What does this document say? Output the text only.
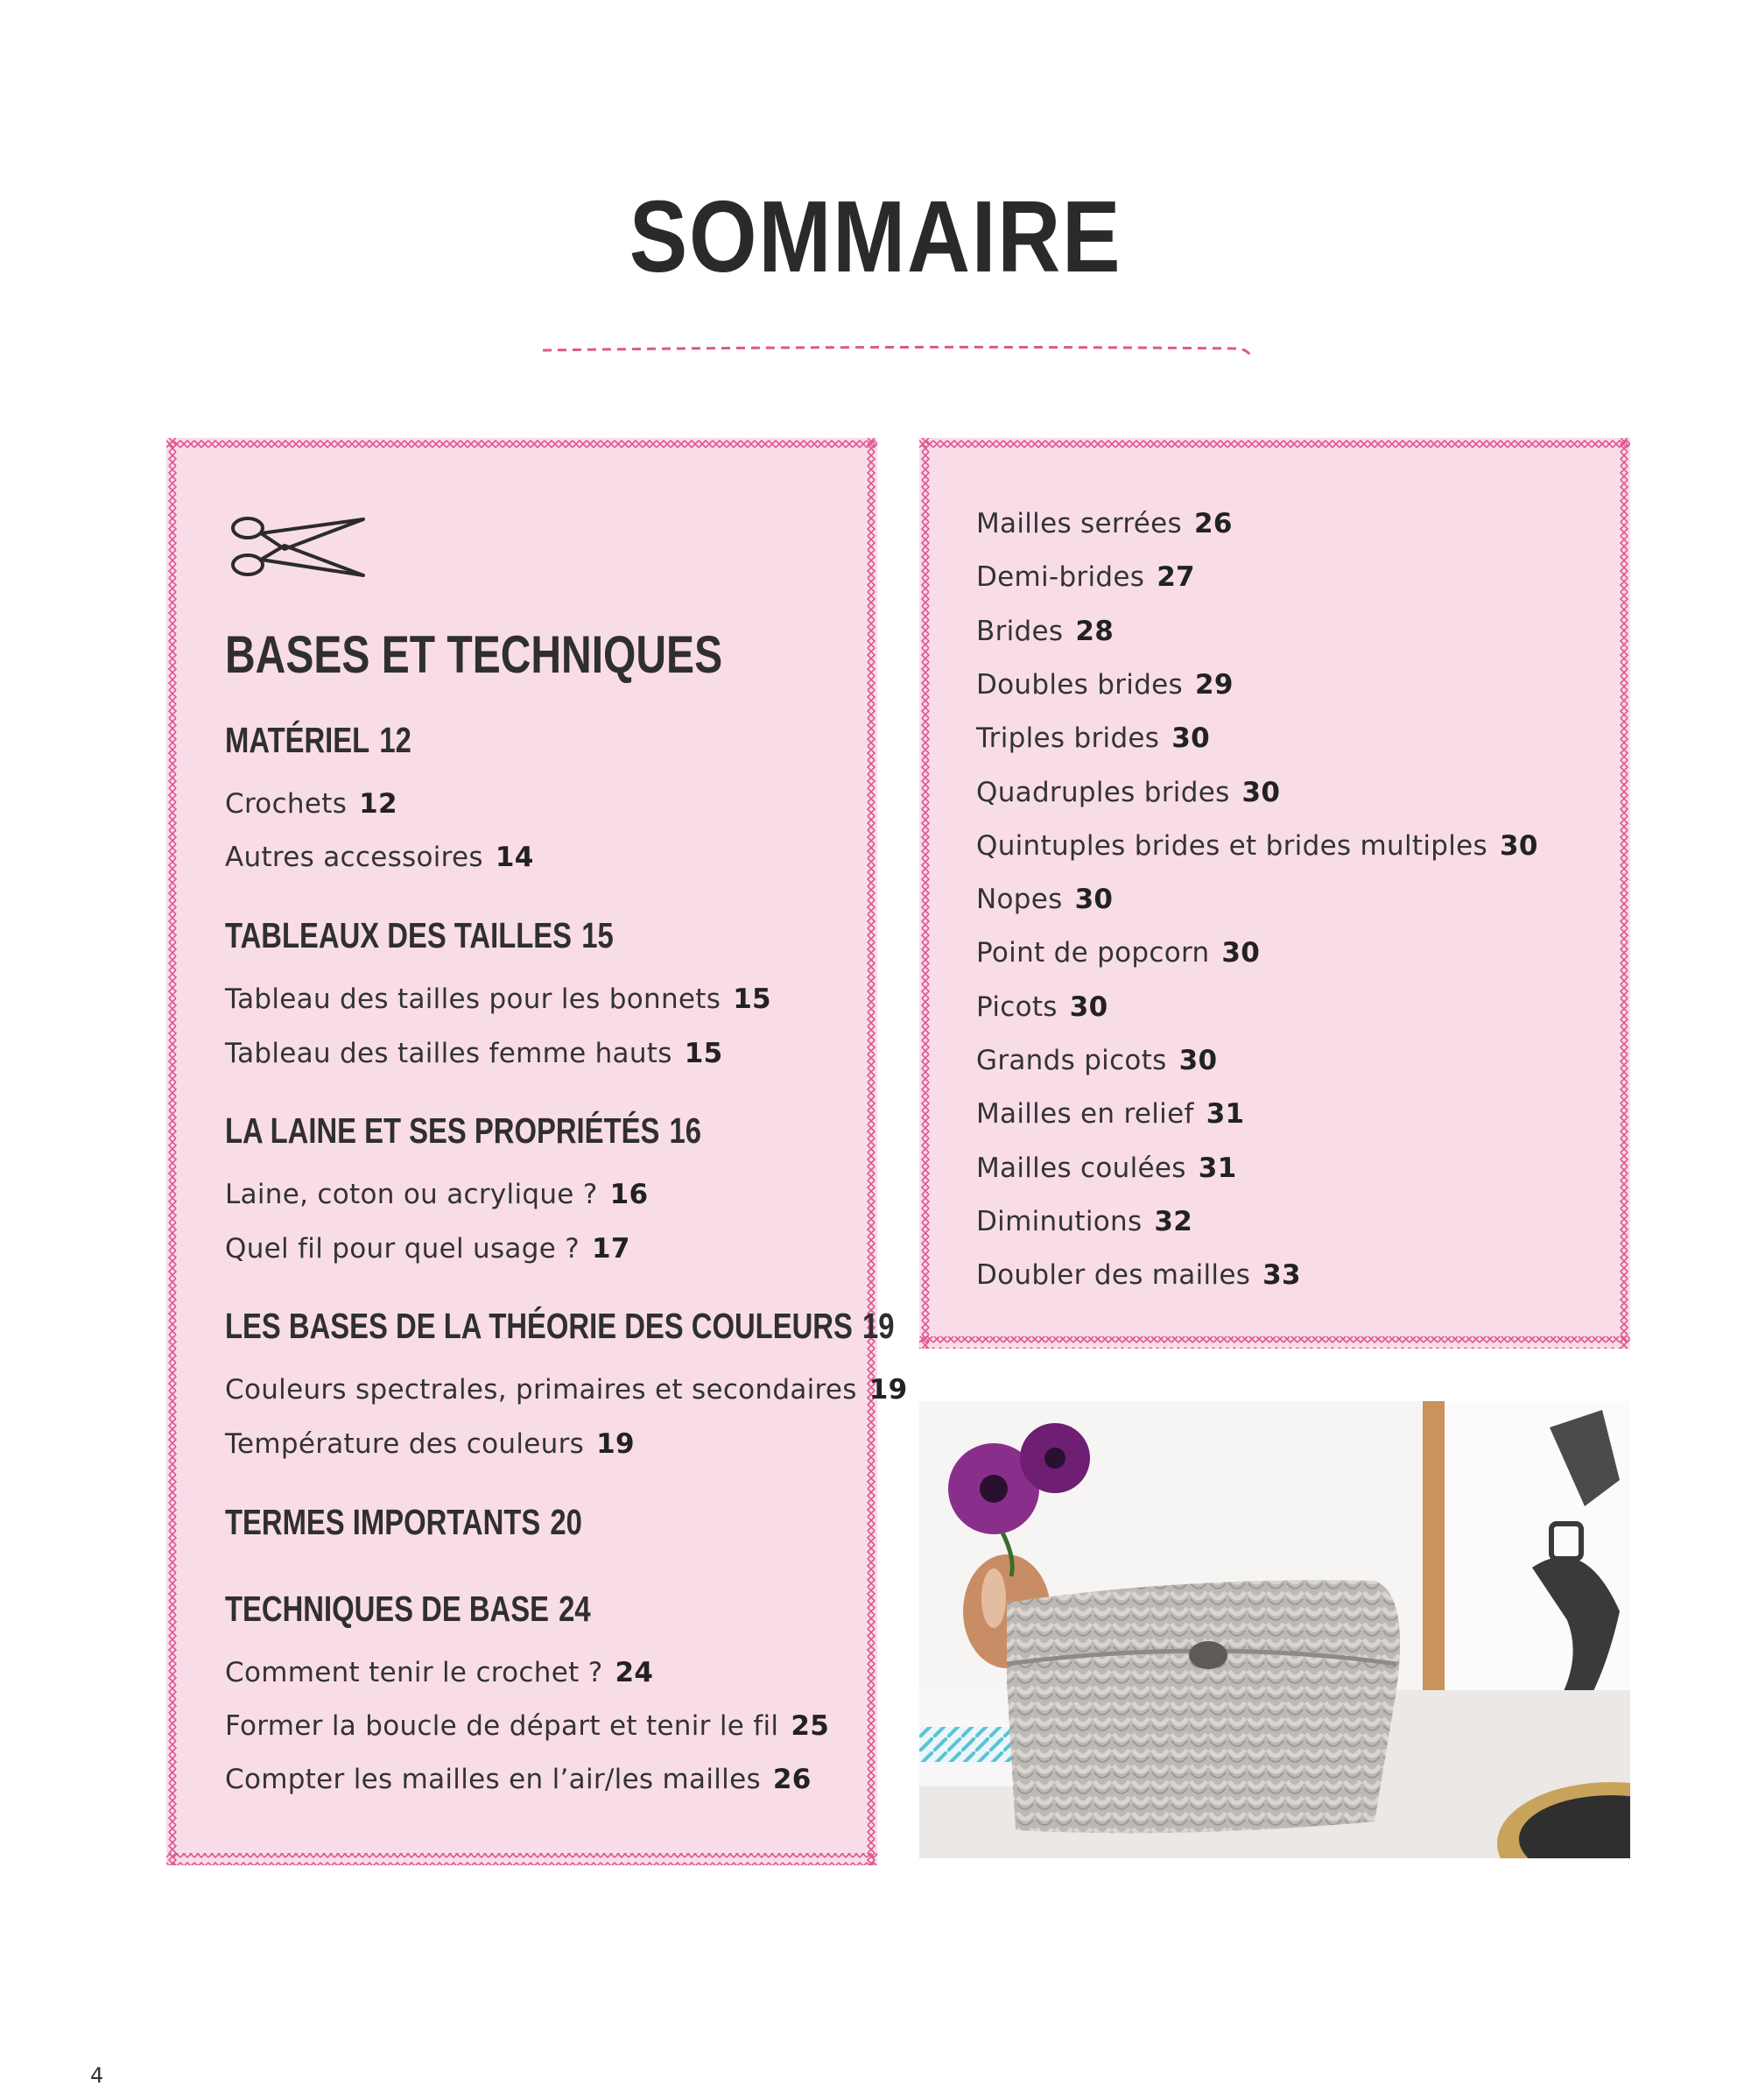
SOMMAIRE
BASES ET TECHNIQUES
MATÉRIEL 12
Crochets 12
Autres accessoires 14
TABLEAUX DES TAILLES 15
Tableau des tailles pour les bonnets 15
Tableau des tailles femme hauts 15
LA LAINE ET SES PROPRIÉTÉS 16
Laine, coton ou acrylique ? 16
Quel fil pour quel usage ? 17
LES BASES DE LA THÉORIE DES COULEURS 19
Couleurs spectrales, primaires et secondaires 19
Température des couleurs 19
TERMES IMPORTANTS 20
TECHNIQUES DE BASE 24
Comment tenir le crochet ? 24
Former la boucle de départ et tenir le fil 25
Compter les mailles en l’air/les mailles 26
Mailles serrées 26
Demi-brides 27
Brides 28
Doubles brides 29
Triples brides 30
Quadruples brides 30
Quintuples brides et brides multiples 30
Nopes 30
Point de popcorn 30
Picots 30
Grands picots 30
Mailles en relief 31
Mailles coulées 31
Diminutions 32
Doubler des mailles 33
4
